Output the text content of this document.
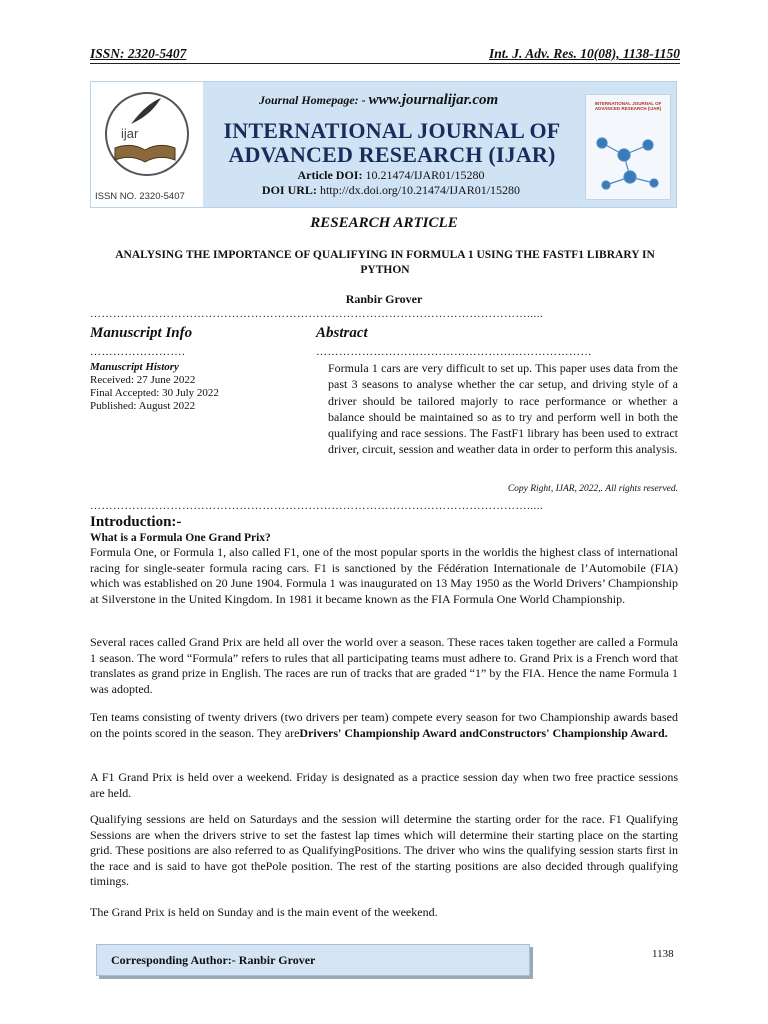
ISSN: 2320-5407	Int. J. Adv. Res. 10(08), 1138-1150
ijar
ISSN NO. 2320-5407
Journal Homepage: - www.journalijar.com
INTERNATIONAL JOURNAL OF ADVANCED RESEARCH (IJAR)
Article DOI: 10.21474/IJAR01/15280
DOI URL: http://dx.doi.org/10.21474/IJAR01/15280
INTERNATIONAL JOURNAL OF ADVANCED RESEARCH (IJAR)
RESEARCH ARTICLE
ANALYSING THE IMPORTANCE OF QUALIFYING IN FORMULA 1 USING THE FASTF1 LIBRARY IN PYTHON
Ranbir Grover
…………………………………………………………………………………………………….....
Manuscript Info	Abstract
…………………….	………………………………………………………………
Manuscript History
Received: 27 June 2022
Final Accepted: 30 July 2022
Published: August 2022
Formula 1 cars are very difficult to set up. This paper uses data from the past 3 seasons to analyse whether the car setup, and driving style of a driver should be tailored majorly to race performance or whether a balance should be maintained so as to try and perform well in both the qualifying and race sessions. The FastF1 library has been used to extract driver, circuit, session and weather data in order to perform this analysis.
Copy Right, IJAR, 2022,. All rights reserved.
…………………………………………………………………………………………………….....
Introduction:-
What is a Formula One Grand Prix?
Formula One, or Formula 1, also called F1, one of the most popular sports in the worldis the highest class of international racing for single-seater formula racing cars. F1 is sanctioned by the Fédération Internationale de l’Automobile (FIA) which was established on 20 June 1904. Formula 1 was inaugurated on 13 May 1950 as the World Drivers’ Championship at Silverstone in the United Kingdom. In 1981 it became known as the FIA Formula One World Championship.
Several races called Grand Prix are held all over the world over a season. These races taken together are called a Formula 1 season. The word “Formula” refers to rules that all participating teams must adhere to. Grand Prix is a French word that translates as grand prize in English. The races are run of tracks that are graded “1” by the FIA. Hence the name Formula 1 was adopted.
Ten teams consisting of twenty drivers (two drivers per team) compete every season for two Championship awards based on the points scored in the season. They areDrivers' Championship Award andConstructors' Championship Award.
A F1 Grand Prix is held over a weekend. Friday is designated as a practice session day when two free practice sessions are held.
Qualifying sessions are held on Saturdays and the session will determine the starting order for the race. F1 Qualifying Sessions are when the drivers strive to set the fastest lap times which will determine their starting place on the starting grid. These positions are also referred to as QualifyingPositions. The driver who wins the qualifying session starts first in the race and is said to have got thePole position. The rest of the starting positions are also decided through qualifying timings.
The Grand Prix is held on Sunday and is the main event of the weekend.
Corresponding Author:- Ranbir Grover	1138
